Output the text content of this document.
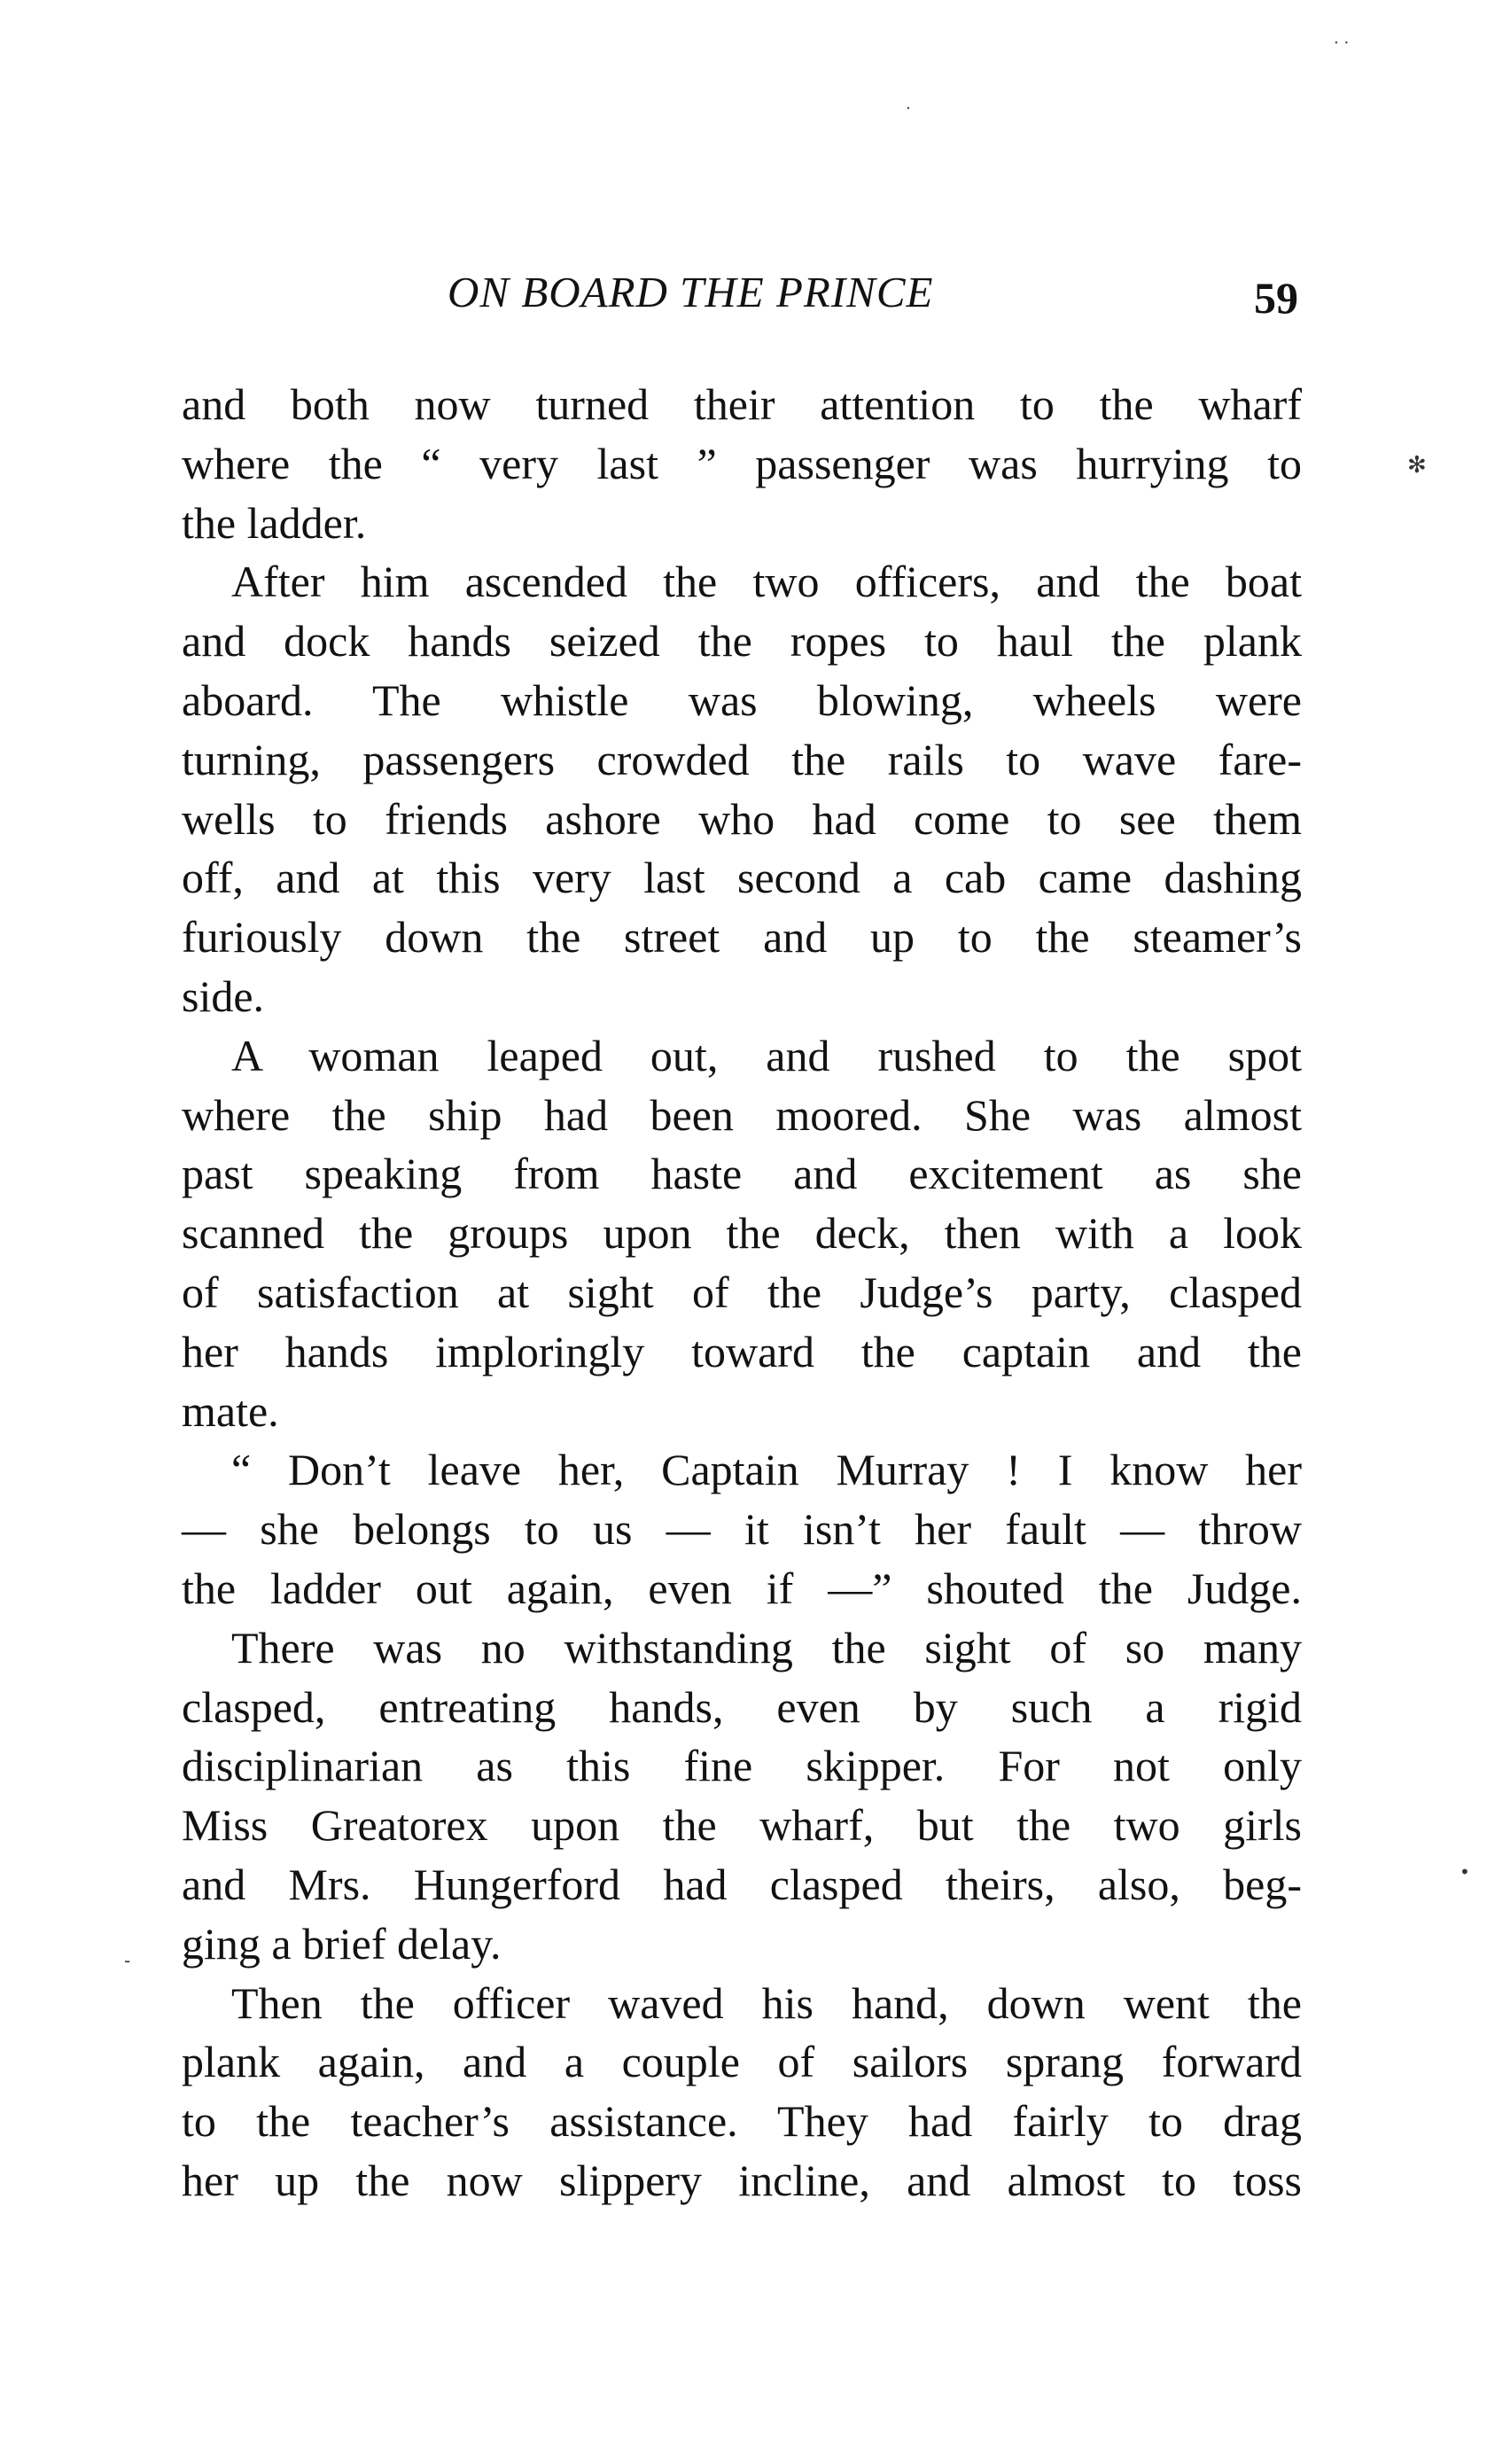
·
· ·
✻
•
-
ON BOARD THE PRINCE	59
and both now turned their attention to the wharf
where the “ very last ” passenger was hurrying to
the ladder.
After him ascended the two officers, and the boat
and dock hands seized the ropes to haul the plank
aboard. The whistle was blowing, wheels were
turning, passengers crowded the rails to wave fare-
wells to friends ashore who had come to see them
off, and at this very last second a cab came dashing
furiously down the street and up to the steamer’s
side.
A woman leaped out, and rushed to the spot
where the ship had been moored. She was almost
past speaking from haste and excitement as she
scanned the groups upon the deck, then with a look
of satisfaction at sight of the Judge’s party, clasped
her hands imploringly toward the captain and the
mate.
“ Don’t leave her, Captain Murray ! I know her
— she belongs to us — it isn’t her fault — throw
the ladder out again, even if —” shouted the Judge.
There was no withstanding the sight of so many
clasped, entreating hands, even by such a rigid
disciplinarian as this fine skipper. For not only
Miss Greatorex upon the wharf, but the two girls
and Mrs. Hungerford had clasped theirs, also, beg-
ging a brief delay.
Then the officer waved his hand, down went the
plank again, and a couple of sailors sprang forward
to the teacher’s assistance. They had fairly to drag
her up the now slippery incline, and almost to toss
